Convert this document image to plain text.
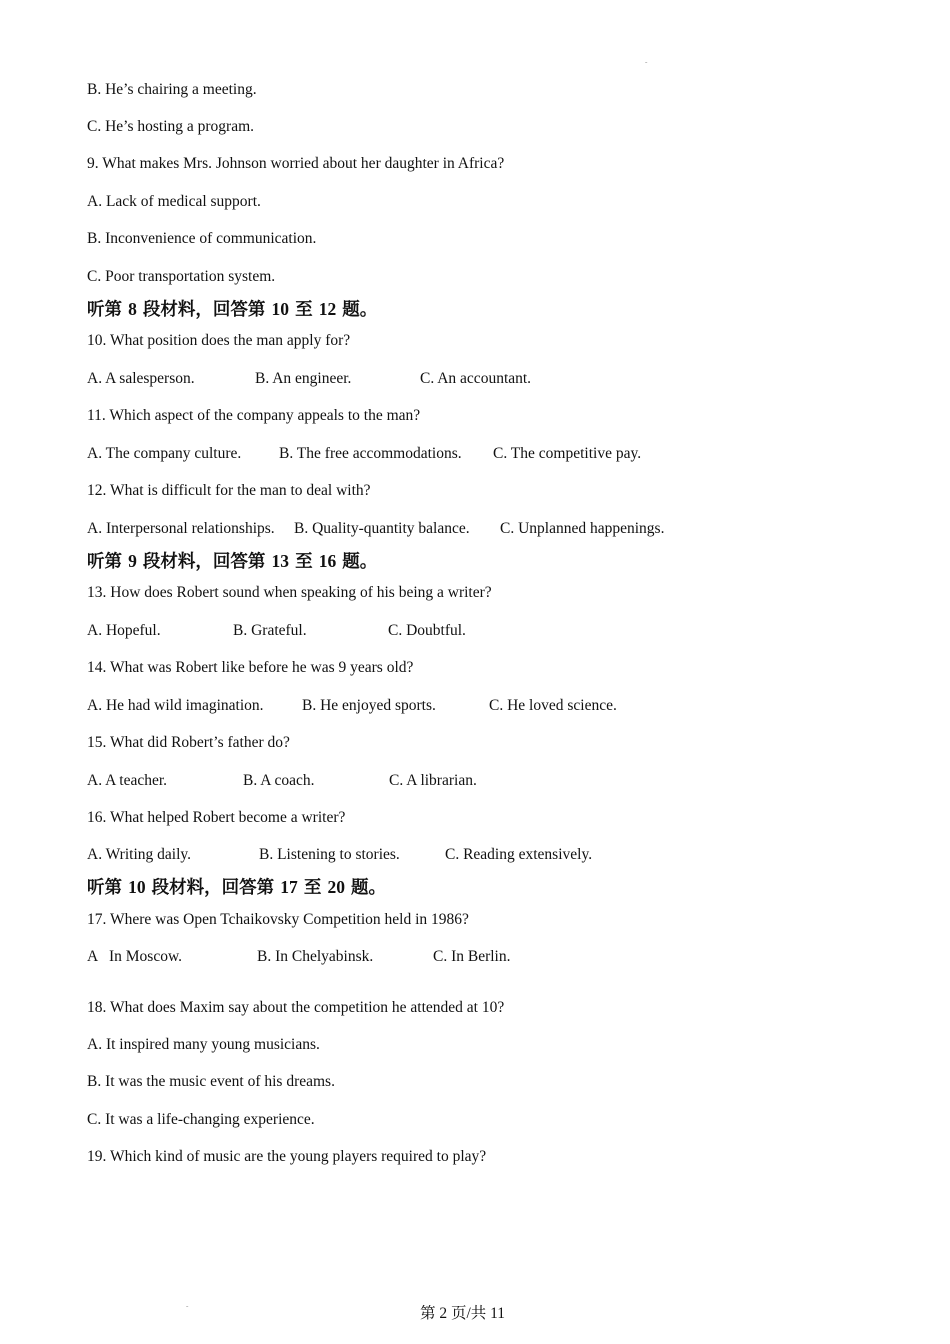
˜
B. He’s chairing a meeting.
C. He’s hosting a program.
9. What makes Mrs. Johnson worried about her daughter in Africa?
A. Lack of medical support.
B. Inconvenience of communication.
C. Poor transportation system.
听第 8 段材料，回答第 10 至 12 题。
10. What position does the man apply for?
A. A salesperson.	B. An engineer.	C. An accountant.
11. Which aspect of the company appeals to the man?
A. The company culture. B. The free accommodations. C. The competitive pay.
12. What is difficult for the man to deal with?
A. Interpersonal relationships. B. Quality-quantity balance. C. Unplanned happenings.
听第 9 段材料，回答第 13 至 16 题。
13. How does Robert sound when speaking of his being a writer?
A. Hopeful.	B. Grateful.	C. Doubtful.
14. What was Robert like before he was 9 years old?
A. He had wild imagination. B. He enjoyed sports.	C. He loved science.
15. What did Robert’s father do?
A. A teacher.	B. A coach.	C. A librarian.
16. What helped Robert become a writer?
A. Writing daily.	B. Listening to stories.	C. Reading extensively.
听第 10 段材料，回答第 17 至 20 题。
17. Where was Open Tchaikovsky Competition held in 1986?
A   In Moscow.	B. In Chelyabinsk.	C. In Berlin.
18. What does Maxim say about the competition he attended at 10?
A. It inspired many young musicians.
B. It was the music event of his dreams.
C. It was a life-changing experience.
19. Which kind of music are the young players required to play?
˜	第 2 页/共 11
